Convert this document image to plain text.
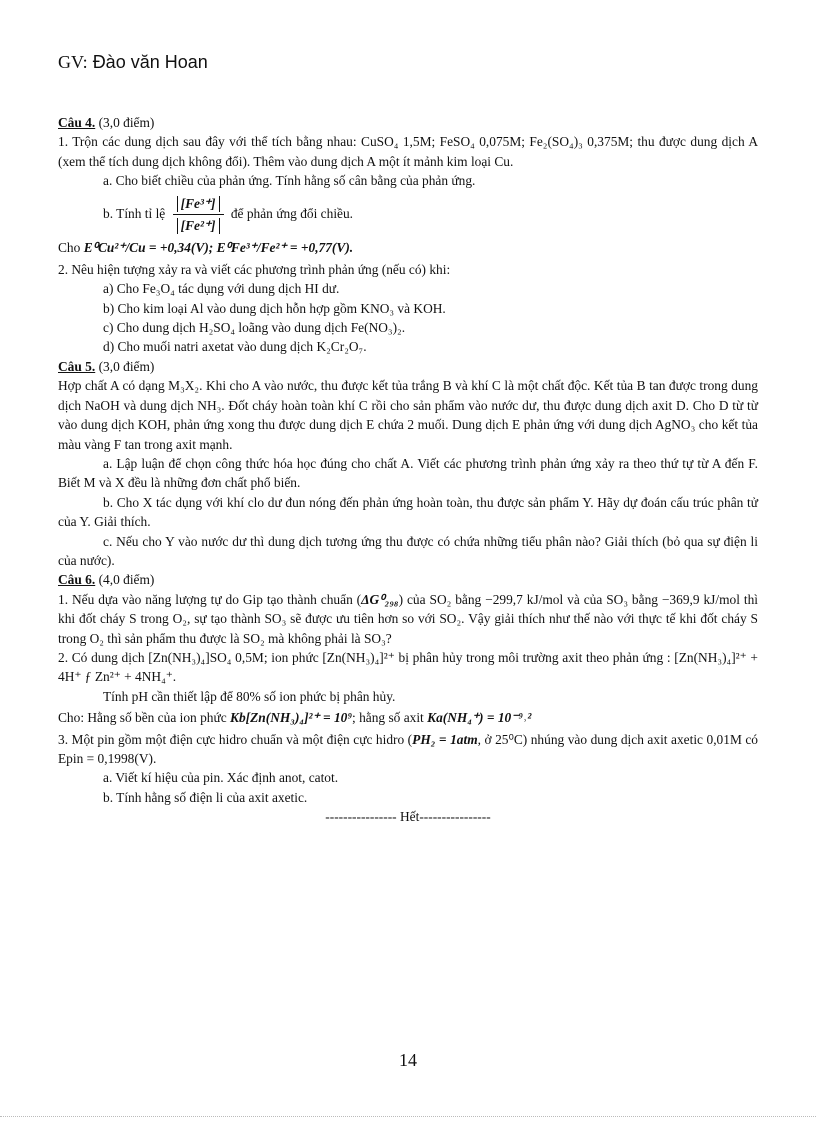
GV: Đào văn Hoan

Câu 4. (3,0 điểm)

1. Trộn các dung dịch sau đây với thể tích bằng nhau: CuSO₄ 1,5M; FeSO₄ 0,075M; Fe₂(SO₄)₃ 0,375M; thu được dung dịch A (xem thể tích dung dịch không đổi). Thêm vào dung dịch A một ít mảnh kim loại Cu.

a. Cho biết chiều của phản ứng. Tính hằng số cân bằng của phản ứng.

b. Tính tỉ lệ $\frac{\text{[Fe³⁺]}}{\text{[Fe²⁺]}}$ để phản ứng đổi chiều.

Cho E⁰Cu²⁺/Cu = +0,34(V); E⁰Fe³⁺/Fe²⁺ = +0,77(V).

2. Nêu hiện tượng xảy ra và viết các phương trình phản ứng (nếu có) khi:

a) Cho Fe₃O₄ tác dụng với dung dịch HI dư.

b) Cho kim loại Al vào dung dịch hỗn hợp gồm KNO₃ và KOH.

c) Cho dung dịch H₂SO₄ loãng vào dung dịch Fe(NO₃)₂.

d) Cho muối natri axetat vào dung dịch K₂Cr₂O₇.

Câu 5. (3,0 điểm)

Hợp chất A có dạng M₃X₂. Khi cho A vào nước, thu được kết tủa trắng B và khí C là một chất độc. Kết tủa B tan được trong dung dịch NaOH và dung dịch NH₃. Đốt cháy hoàn toàn khí C rồi cho sản phẩm vào nước dư, thu được dung dịch axit D. Cho D từ từ vào dung dịch KOH, phản ứng xong thu được dung dịch E chứa 2 muối. Dung dịch E phản ứng với dung dịch AgNO₃ cho kết tủa màu vàng F tan trong axit mạnh.

a. Lập luận để chọn công thức hóa học đúng cho chất A. Viết các phương trình phản ứng xảy ra theo thứ tự từ A đến F. Biết M và X đều là những đơn chất phổ biến.

b. Cho X tác dụng với khí clo dư đun nóng đến phản ứng hoàn toàn, thu được sản phẩm Y. Hãy dự đoán cấu trúc phân tử của Y. Giải thích.

c. Nếu cho Y vào nước dư thì dung dịch tương ứng thu được có chứa những tiểu phân nào? Giải thích (bỏ qua sự điện li của nước).

Câu 6. (4,0 điểm)

1. Nếu dựa vào năng lượng tự do Gip tạo thành chuẩn (ΔG⁰₂₉₈) của SO₂ bằng −299,7 kJ/mol và của SO₃ bằng −369,9 kJ/mol thì khi đốt cháy S trong O₂, sự tạo thành SO₃ sẽ được ưu tiên hơn so với SO₂. Vậy giải thích như thế nào với thực tế khi đốt cháy S trong O₂ thì sản phẩm thu được là SO₂ mà không phải là SO₃?

2. Có dung dịch [Zn(NH₃)₄]SO₄ 0,5M; ion phức [Zn(NH₃)₄]²⁺ bị phân hủy trong môi trường axit theo phản ứng : [Zn(NH₃)₄]²⁺ + 4H⁺ ƒ Zn²⁺ + 4NH₄⁺.

Tính pH cần thiết lập để 80% số ion phức bị phân hủy.

Cho: Hằng số bền của ion phức Kb[Zn(NH₃)₄]²⁺ = 10⁹; hằng số axit Ka(NH₄⁺) = 10⁻⁹˒²

3. Một pin gồm một điện cực hidro chuẩn và một điện cực hidro (PH₂ = 1atm, ở 25⁰C) nhúng vào dung dịch axit axetic 0,01M có Epin = 0,1998(V).

a. Viết kí hiệu của pin. Xác định anot, catot.

b. Tính hằng số điện li của axit axetic.

---------------- Hết----------------

14
